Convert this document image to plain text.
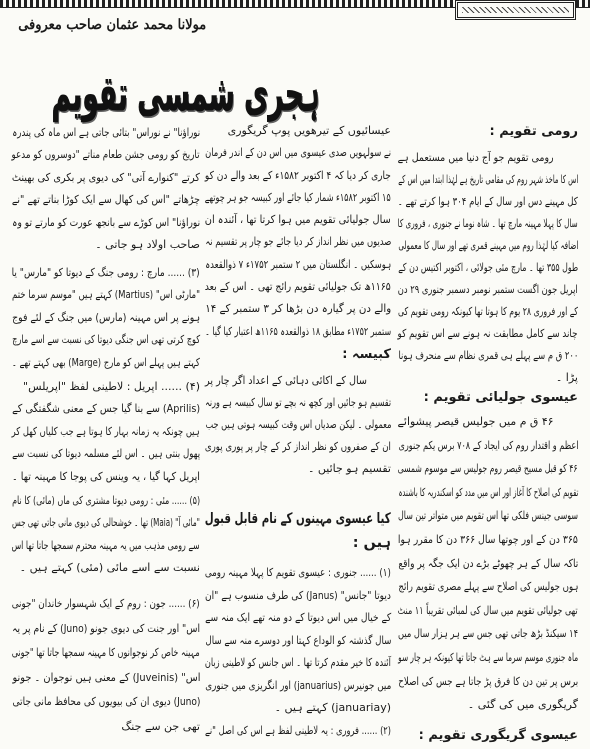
مولانا محمد عثمان صاحب معروفی
ہجری شمسی تقویم
رومی تقویم :
رومی تقویم جو آج دنیا میں مستعمل ہے
اس کا ماخذ شہر روم کی مقامی تاریخ ہے لہٰذا ابتدا میں اس کے
کل مہینے دس اور سال کے ایام ۳۰۴ ہوا کرتے تھے ۔
سال کا پہلا مہینہ مارچ تھا ۔ شاہ نوما نے جنوری ، فروری کا
اضافہ کیا لہٰذا روم میں مہینے قمری تھے اور سال کا معمولی
طول ۳۵۵ تھا ۔ مارچ مئی جولائی ، اکتوبر اکتیس دن کے
اپریل جون اگست ستمبر نومبر دسمبر جنوری ۲۹ دن
کے اور فروری ۲۸ یوم کا ہوتا تھا کیونکہ رومی تقویم کی
چاند سے کامل مطابقت نہ ہونے سے اس تقویم کو
۲۰۰ ق م سے پہلے ہی قمری نظام سے منحرف ہونا
پڑا ۔
عیسوی جولیائی تقویم :
۴۶ ق م میں جولیس قیصر پیشوائے
اعظم و اقتدار روم کی ایجاد کے ۷۰۸ برس یکم جنوری
۴۶ کو قبل مسیح قیصر روم جولیس سے موسوم شمسی
تقویم کی اصلاح کا آغاز اور اس میں مدد کو اسکندریہ کا باشندہ
سوسی جینس فلکی تھا اس تقویم میں متواتر تین سال
۳۶۵ دن کے اور چوتھا سال ۳۶۶ دن کا مقرر ہوا
تاکہ سال کے ہر چھوٹے بڑے دن ایک جگہ پر واقع
ہوں جولیس کی اصلاح سے پہلے مصری تقویم رائج
تھی جولیائی تقویم میں سال کی لمبائی تقریباً ۱۱ منٹ
۱۴ سیکنڈ بڑھ جاتی تھی جس سے ہر ہزار سال میں
ماہ جنوری موسم سرما سے ہٹ جاتا تھا کیونکہ ہر چار سو
برس پر تین دن کا فرق پڑ جاتا ہے جس کی اصلاح
گریگوری میں کی گئی ۔
عیسوی گریگوری تقویم :
عیسائیوں کے تیرھویں پوپ گریگوری
نے سولہویں صدی عیسوی میں اس دن کے اندر فرمان
جاری کر دیا کہ ۴ اکتوبر ۱۵۸۲ء کے بعد والے دن کو
۱۵ اکتوبر ۱۵۸۲ء شمار کیا جائے اور کبیسہ جو ہر چوتھے
سال جولیائی تقویم میں ہوا کرتا تھا ، آئندہ ان
صدیوں میں نظر انداز کر دیا جائے جو چار پر تقسیم نہ
ہوسکیں ۔ انگلستان میں ۲ ستمبر ۱۷۵۲ء ۷ ذوالقعدہ
۱۱۶۵ھ تک جولیائی تقویم رائج تھی ۔ اس کے بعد
والے دن پر گیارہ دن بڑھا کر ۳ ستمبر کے ۱۴
ستمبر ۱۷۵۲ء مطابق ۱۸ ذوالقعدہ ۱۱۶۵ھ اعتبار کیا گیا ۔
کبیسہ :
سال کے اکائی دہائی کے اعداد اگر چار پر
تقسیم ہو جائیں اور کچھ نہ بچے تو سال کبیسہ ہے ورنہ
معمولی ۔ لیکن صدیاں اس وقت کبیسہ ہوتی ہیں جب
ان کے صفروں کو نظر انداز کر کے چار پر پوری پوری
تقسیم ہو جائیں ۔
کیا عیسوی مہینوں کے نام قابل قبول
ہیں :
(۱) ...... جنوری : عیسوی تقویم کا پہلا مہینہ رومی
دیوتا "جانس" (Janus) کی طرف منسوب ہے "ان
کے خیال میں اس دیوتا کے دو منہ تھے ایک منہ سے
سال گذشتہ کو الوداع کہتا اور دوسرے منہ سے سال
آئندہ کا خیر مقدم کرتا تھا ۔ اس جانس کو لاطینی زبان
میں جونیرس (januarius) اور انگریزی میں جنوری
(januariay) کہتے ہیں ۔
(۲) ...... فروری : یہ لاطینی لفظ ہے اس کی اصل "نے
نوراؤنا" نے نوراس" بتائی جاتی ہے اس ماہ کی پندرہ
تاریخ کو رومی جشن طعام مناتے "دوسروں کو مدعو
کرتے "کنوارے آتی" کی دیوی پر بکری کی بھینٹ
چڑھاتے "اس کی کھال سے ایک کوڑا بناتے تھے "نے
نوراؤنا" اس کوڑے سے بانجھ عورت کو مارتے تو وہ
صاحب اولاد ہو جاتی ۔
(۳) ...... مارچ : رومی جنگ کے دیوتا کو "مارس" یا
"مارٹی اس" (Martius) کہتے ہیں "موسم سرما ختم
ہونے پر اس مہینہ (مارس) میں جنگ کے لئے فوج
کوچ کرتی تھی اس جنگی دیوتا کی نسبت سے اسے مارچ
کہتے ہیں پہلے اس کو مارج (Marge) بھی کہتے تھے ۔
(۴) ...... اپریل : لاطینی لفظ "اپریلس"
(Aprilis) سے بنا گیا جس کے معنی شگفتگی کے
ہیں چونکہ یہ زمانہ بہار کا ہوتا ہے جب کلیاں کھل کر
پھول بنتی ہیں ۔ اس لئے مسلمہ دیوتا کی نسبت سے
اپریل کہا گیا ، یہ وینس کی پوجا کا مہینہ تھا ۔
(۵) ...... مئی : رومی دیوتا مشتری کی ماں (مائی) کا نام
"مائی آ" (Maia) تھا ۔ خوشحالی کی دیوی مانی جاتی تھی جس
سے رومی مذہب میں یہ مہینہ محترم سمجھا جاتا تھا اس
نسبت سے اسے مائی (مئی) کہتے ہیں ۔
(۶) ...... جون : روم کے ایک شہسوار خاندان "جونی
اس" اور جنت کی دیوی جونو (Juno) کے نام پر یہ
مہینہ خاص کر نوجوانوں کا مہینہ سمجھا جاتا تھا "جونی
اس" (Juveinis) کے معنی ہیں نوجوان ۔ جونو
(Juno) دیوی ان کی بیویوں کی محافظ مانی جاتی
تھی جن سے جنگ
